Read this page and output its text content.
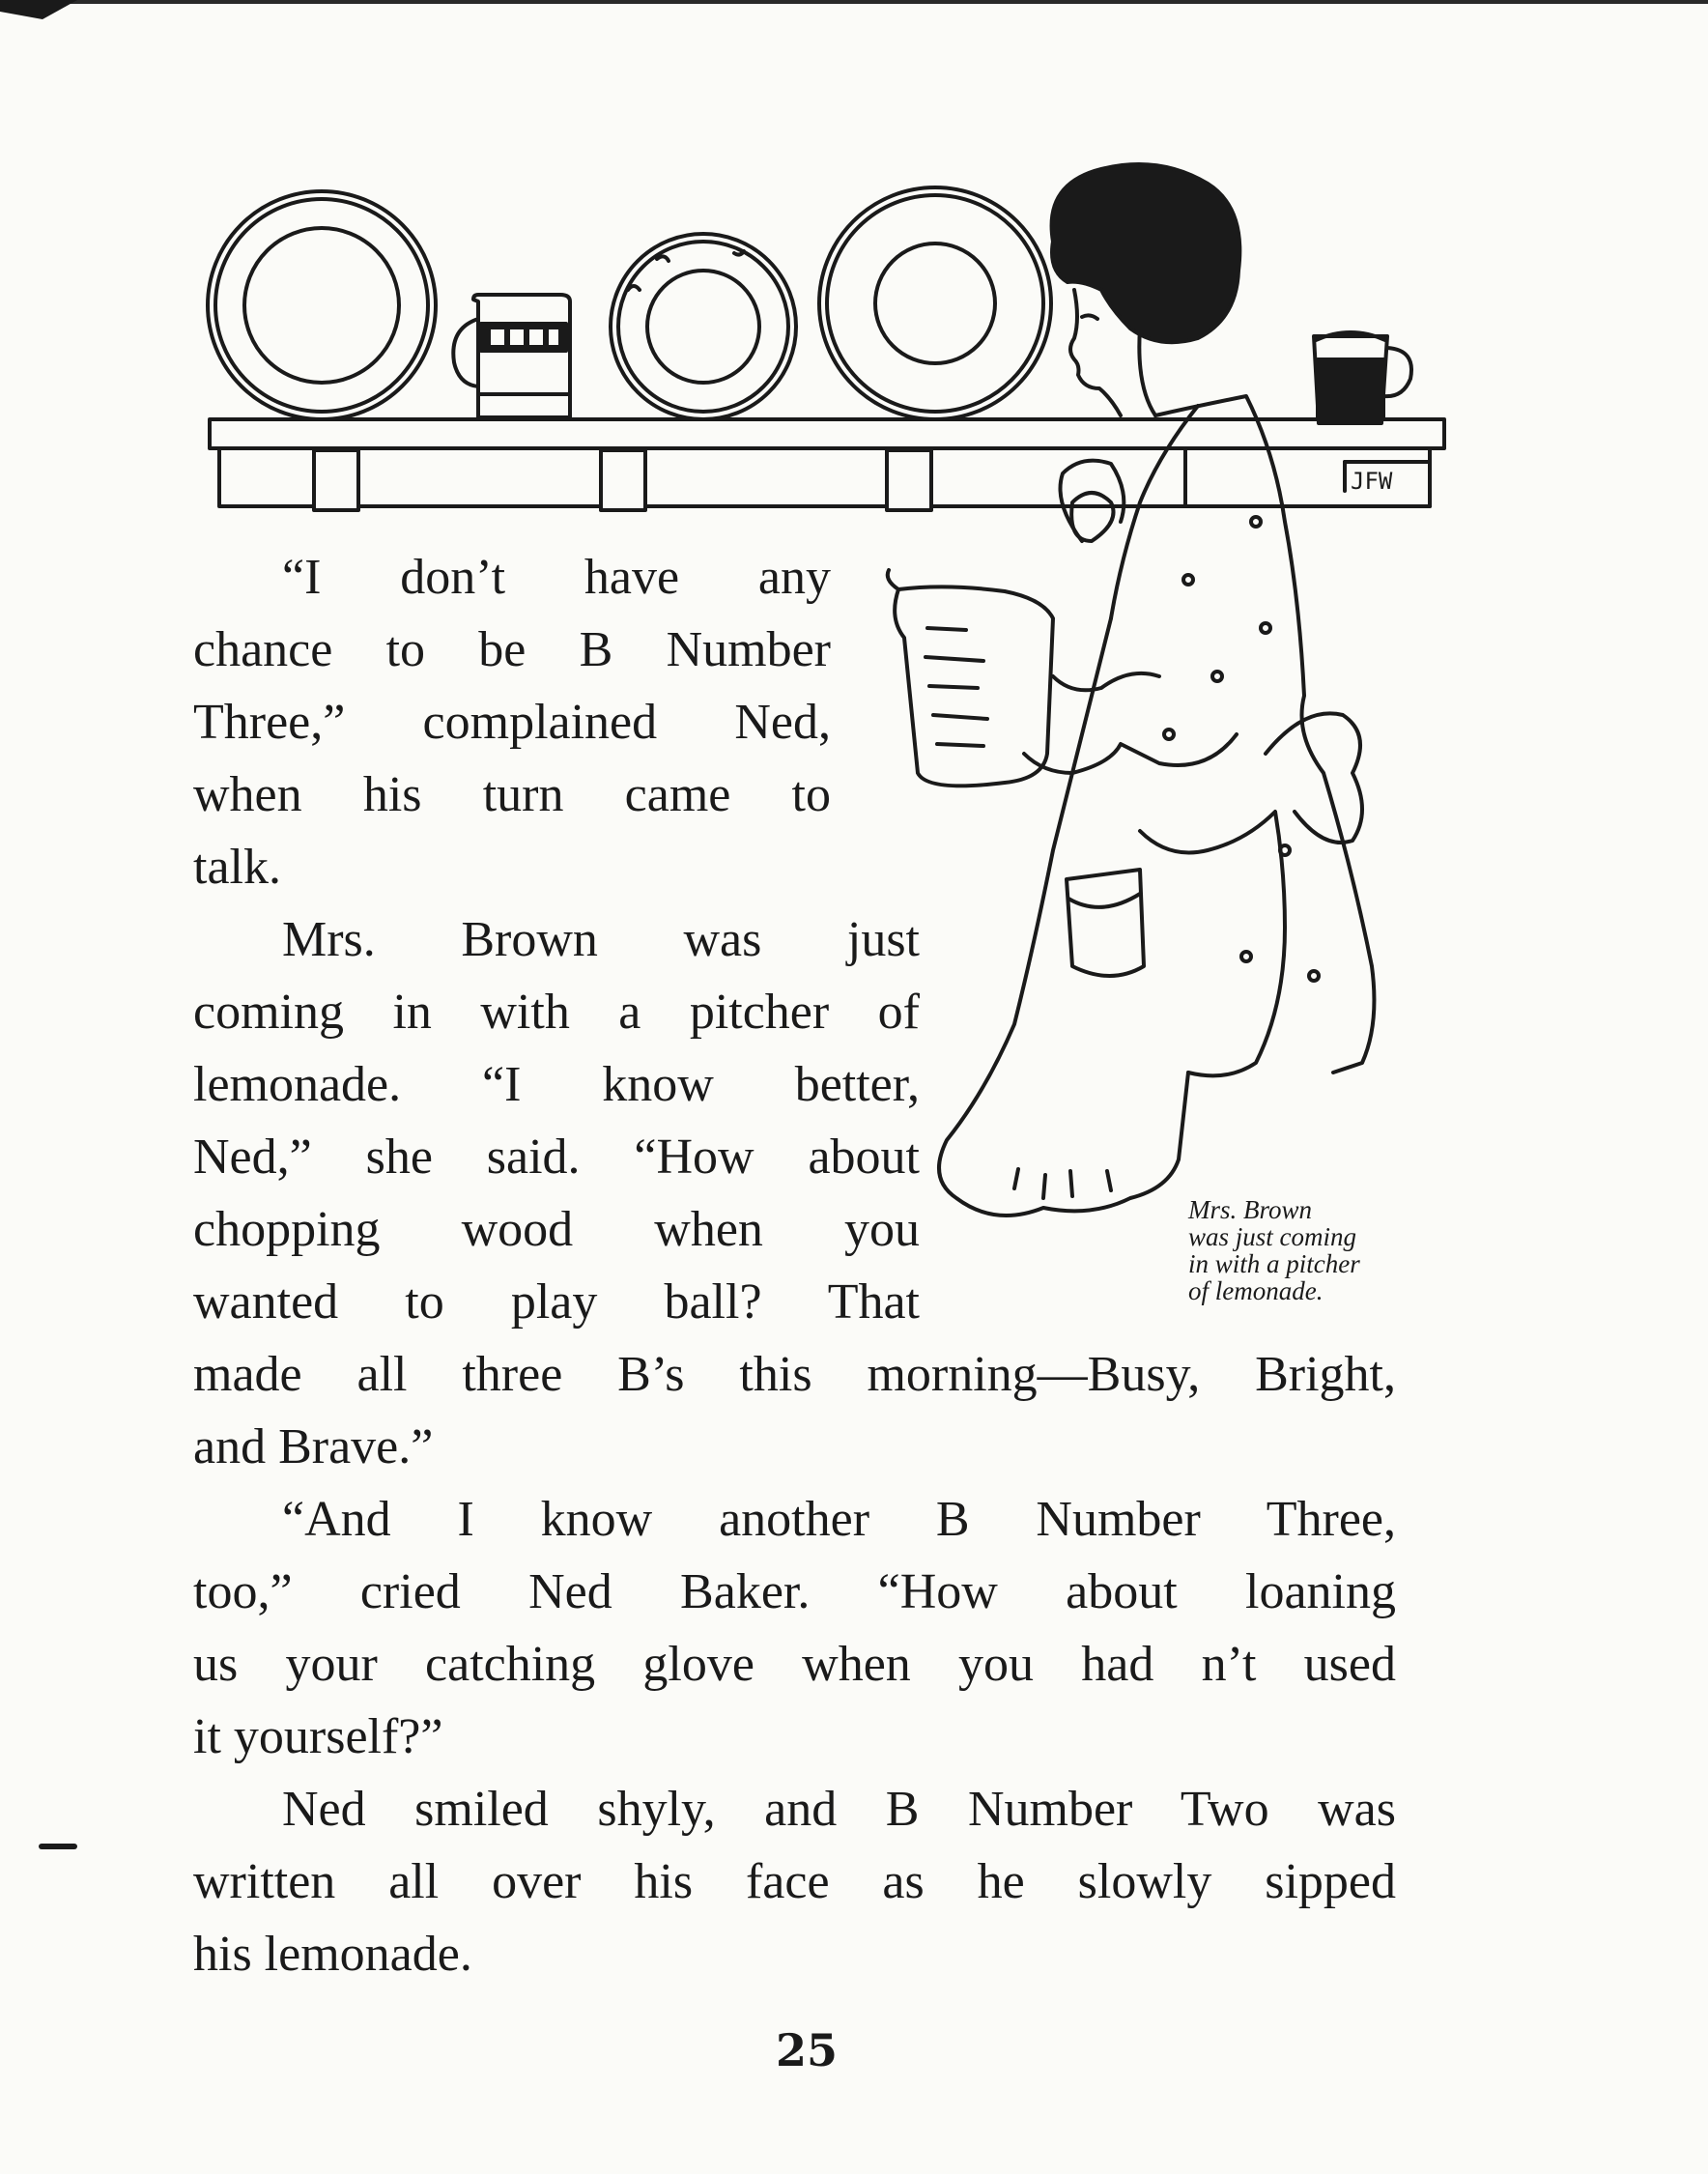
JFW
“I don’t have any
chance to be B Number
Three,” complained Ned,
when his turn came to
talk.
Mrs. Brown was just
coming in with a pitcher of
lemonade. “I know better,
Ned,” she said. “How about
chopping wood when you
wanted to play ball? That
made all three B’s this morning—Busy, Bright,
and Brave.”
“And I know another B Number Three,
too,” cried Ned Baker. “How about loaning
us your catching glove when you had n’t used
it yourself?”
Ned smiled shyly, and B Number Two was
written all over his face as he slowly sipped
his lemonade.
Mrs. Brown
was just coming
in with a pitcher
of lemonade.
25
